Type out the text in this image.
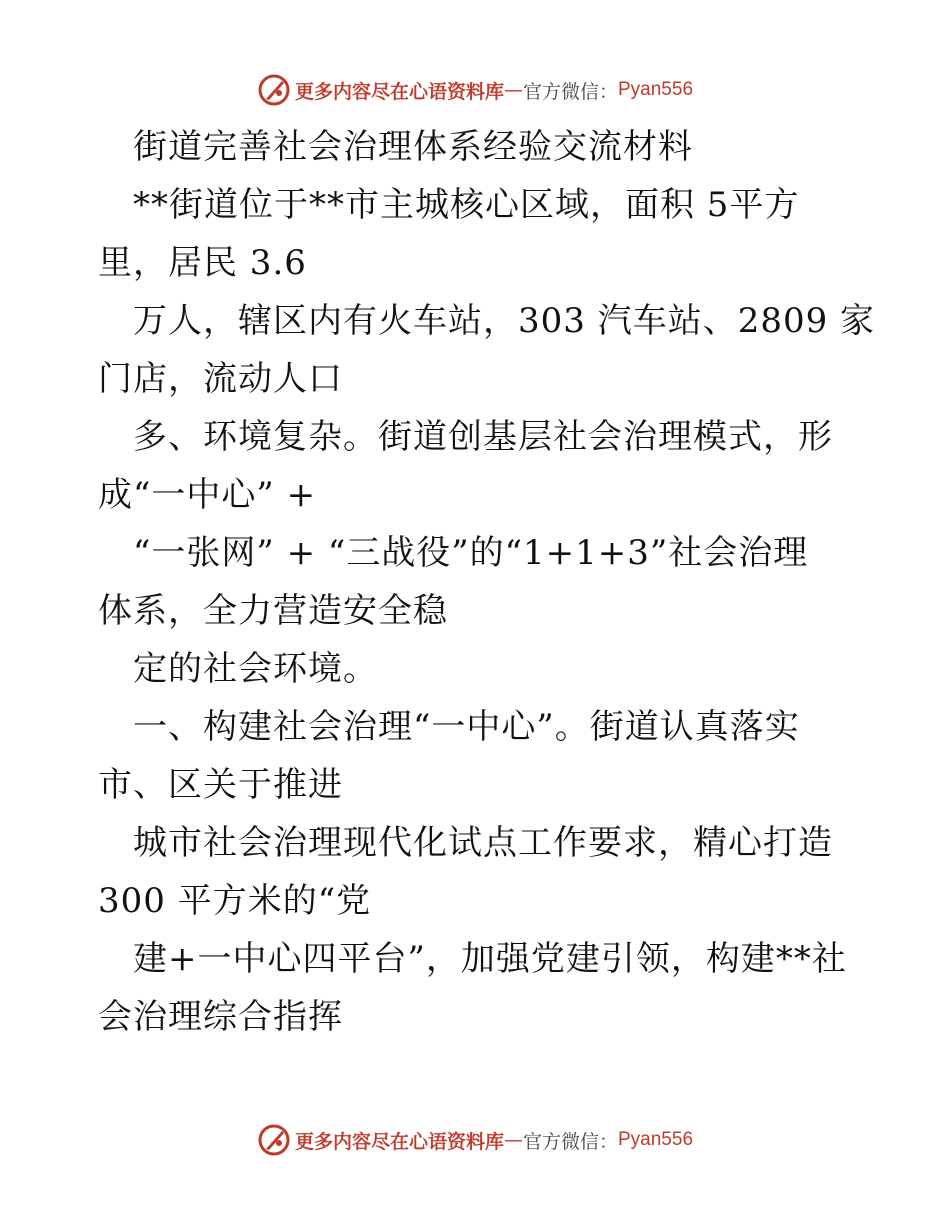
更多内容尽在心语资料库 — 官方微信： Pyan556
街道完善社会治理体系经验交流材料
**街道位于**市主城核心区域，面积 5平方
里，居民 3.6
万人，辖区内有火车站，303 汽车站、2809 家
门店，流动人口
多、环境复杂。街道创基层社会治理模式，形
成“一中心” +
“一张网” + “三战役”的“1+1+3”社会治理
体系，全力营造安全稳
定的社会环境。
一、构建社会治理“一中心”。街道认真落实
市、区关于推进
城市社会治理现代化试点工作要求，精心打造
300 平方米的“党
建+一中心四平台”，加强党建引领，构建**社
会治理综合指挥
更多内容尽在心语资料库 — 官方微信： Pyan556
